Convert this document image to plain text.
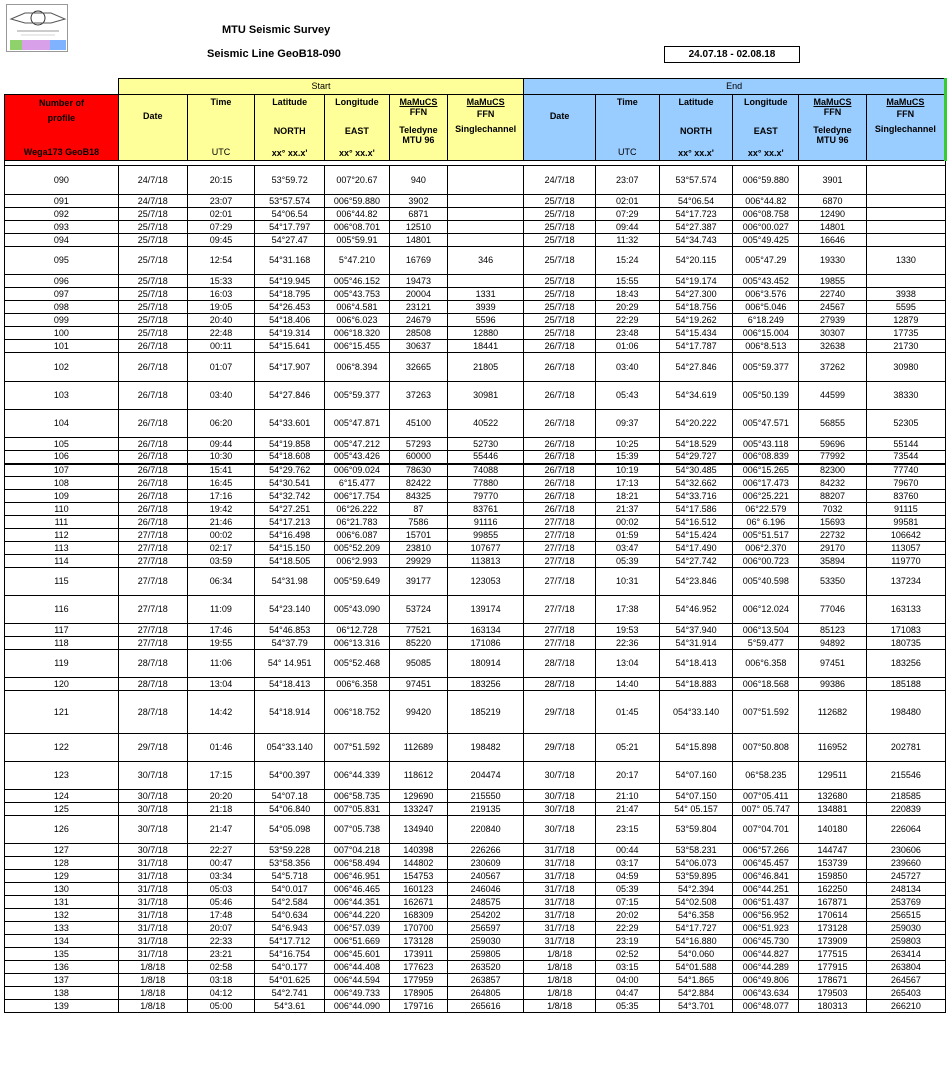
MTU Seismic Survey
Seismic Line GeoB18-090	24.07.18 - 02.08.18
	Start						End					

Number of
profile
Wega173 GeoB18	Date	Time
UTC	Latitude
NORTH
xx° xx.x'	Longitude
EAST
xx° xx.x'	MaMuCS
FFN
Teledyne
MTU 96	MaMuCS
FFN
Singlechannel	Date	Time
UTC	Latitude
NORTH
xx° xx.x'	Longitude
EAST
xx° xx.x'	MaMuCS
FFN
Teledyne
MTU 96	MaMuCS
FFN
Singlechannel

090	24/7/18	20:15	53°59.72	007°20.67	940		24/7/18	23:07	53°57.574	006°59.880	3901	
091	24/7/18	23:07	53°57.574	006°59.880	3902		25/7/18	02:01	54°06.54	006°44.82	6870	
092	25/7/18	02:01	54°06.54	006°44.82	6871		25/7/18	07:29	54°17.723	006°08.758	12490	
093	25/7/18	07:29	54°17.797	006°08.701	12510		25/7/18	09:44	54°27.387	006°00.027	14801	
094	25/7/18	09:45	54°27.47	005°59.91	14801		25/7/18	11:32	54°34.743	005°49.425	16646	
095	25/7/18	12:54	54°31.168	5°47.210	16769	346	25/7/18	15:24	54°20.115	005°47.29	19330	1330
096	25/7/18	15:33	54°19.945	005°46.152	19473		25/7/18	15:55	54°19.174	005°43.452	19855	
097	25/7/18	16:03	54°18.795	005°43.753	20004	1331	25/7/18	18:43	54°27.300	006°3.576	22740	3938
098	25/7/18	19:05	54°26.453	006°4.581	23121	3939	25/7/18	20:29	54°18.756	006°5.046	24567	5595
099	25/7/18	20:40	54°18.406	006°6.023	24679	5596	25/7/18	22:29	54°19.262	6°18.249	27939	12879
100	25/7/18	22:48	54°19.314	006°18.320	28508	12880	25/7/18	23:48	54°15.434	006°15.004	30307	17735
101	26/7/18	00:11	54°15.641	006°15.455	30637	18441	26/7/18	01:06	54°17.787	006°8.513	32638	21730
102	26/7/18	01:07	54°17.907	006°8.394	32665	21805	26/7/18	03:40	54°27.846	005°59.377	37262	30980
103	26/7/18	03:40	54°27.846	005°59.377	37263	30981	26/7/18	05:43	54°34.619	005°50.139	44599	38330
104	26/7/18	06:20	54°33.601	005°47.871	45100	40522	26/7/18	09:37	54°20.222	005°47.571	56855	52305
105	26/7/18	09:44	54°19.858	005°47.212	57293	52730	26/7/18	10:25	54°18.529	005°43.118	59696	55144
106	26/7/18	10:30	54°18.608	005°43.426	60000	55446	26/7/18	15:39	54°29.727	006°08.839	77992	73544
107	26/7/18	15:41	54°29.762	006°09.024	78630	74088	26/7/18	10:19	54°30.485	006°15.265	82300	77740
108	26/7/18	16:45	54°30.541	6°15.477	82422	77880	26/7/18	17:13	54°32.662	006°17.473	84232	79670
109	26/7/18	17:16	54°32.742	006°17.754	84325	79770	26/7/18	18:21	54°33.716	006°25.221	88207	83760
110	26/7/18	19:42	54°27.251	06°26.222	87	83761	26/7/18	21:37	54°17.586	06°22.579	7032	91115
111	26/7/18	21:46	54°17.213	06°21.783	7586	91116	27/7/18	00:02	54°16.512	06° 6.196	15693	99581
112	27/7/18	00:02	54°16.498	006°6.087	15701	99855	27/7/18	01:59	54°15.424	005°51.517	22732	106642
113	27/7/18	02:17	54°15.150	005°52.209	23810	107677	27/7/18	03:47	54°17.490	006°2.370	29170	113057
114	27/7/18	03:59	54°18.505	006°2.993	29929	113813	27/7/18	05:39	54°27.742	006°00.723	35894	119770
115	27/7/18	06:34	54°31.98	005°59.649	39177	123053	27/7/18	10:31	54°23.846	005°40.598	53350	137234
116	27/7/18	11:09	54°23.140	005°43.090	53724	139174	27/7/18	17:38	54°46.952	006°12.024	77046	163133
117	27/7/18	17:46	54°46.853	06°12.728	77521	163134	27/7/18	19:53	54°37.940	006°13.504	85123	171083
118	27/7/18	19:55	54°37.79	006°13.316	85220	171086	27/7/18	22:36	54°31.914	5°59.477	94892	180735
119	28/7/18	11:06	54° 14.951	005°52.468	95085	180914	28/7/18	13:04	54°18.413	006°6.358	97451	183256
120	28/7/18	13:04	54°18.413	006°6.358	97451	183256	28/7/18	14:40	54°18.883	006°18.568	99386	185188
121	28/7/18	14:42	54°18.914	006°18.752	99420	185219	29/7/18	01:45	054°33.140	007°51.592	112682	198480
122	29/7/18	01:46	054°33.140	007°51.592	112689	198482	29/7/18	05:21	54°15.898	007°50.808	116952	202781
123	30/7/18	17:15	54°00.397	006°44.339	118612	204474	30/7/18	20:17	54°07.160	06°58.235	129511	215546
124	30/7/18	20:20	54°07.18	006°58.735	129690	215550	30/7/18	21:10	54°07.150	007°05.411	132680	218585
125	30/7/18	21:18	54°06.840	007°05.831	133247	219135	30/7/18	21:47	54° 05.157	007° 05.747	134881	220839
126	30/7/18	21:47	54°05.098	007°05.738	134940	220840	30/7/18	23:15	53°59.804	007°04.701	140180	226064
127	30/7/18	22:27	53°59.228	007°04.218	140398	226266	31/7/18	00:44	53°58.231	006°57.266	144747	230606
128	31/7/18	00:47	53°58.356	006°58.494	144802	230609	31/7/18	03:17	54°06.073	006°45.457	153739	239660
129	31/7/18	03:34	54°5.718	006°46.951	154753	240567	31/7/18	04:59	53°59.895	006°46.841	159850	245727
130	31/7/18	05:03	54°0.017	006°46.465	160123	246046	31/7/18	05:39	54°2.394	006°44.251	162250	248134
131	31/7/18	05:46	54°2.584	006°44.351	162671	248575	31/7/18	07:15	54°02.508	006°51.437	167871	253769
132	31/7/18	17:48	54°0.634	006°44.220	168309	254202	31/7/18	20:02	54°6.358	006°56.952	170614	256515
133	31/7/18	20:07	54°6.943	006°57.039	170700	256597	31/7/18	22:29	54°17.727	006°51.923	173128	259030
134	31/7/18	22:33	54°17.712	006°51.669	173128	259030	31/7/18	23:19	54°16.880	006°45.730	173909	259803
135	31/7/18	23:21	54°16.754	006°45.601	173911	259805	1/8/18	02:52	54°0.060	006°44.827	177515	263414
136	1/8/18	02:58	54°0.177	006°44.408	177623	263520	1/8/18	03:15	54°01.588	006°44.289	177915	263804
137	1/8/18	03:18	54°01.625	006°44.594	177959	263857	1/8/18	04:00	54°1.865	006°49.806	178671	264567
138	1/8/18	04:12	54°2.741	006°49.733	178905	264805	1/8/18	04:47	54°2.884	006°43.634	179503	265403
139	1/8/18	05:00	54°3.61	006°44.090	179716	265616	1/8/18	05:35	54°3.701	006°48.077	180313	266210
